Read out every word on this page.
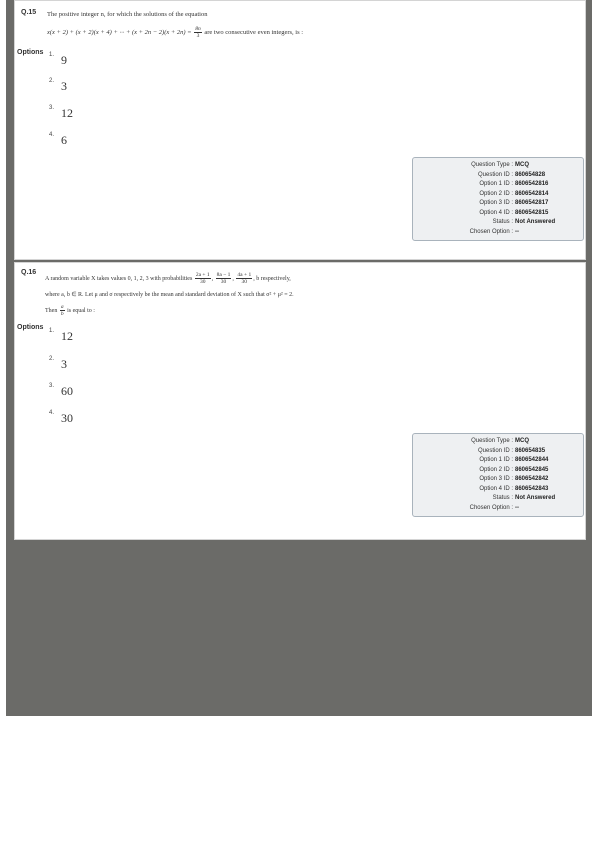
Q.15 The positive integer n, for which the solutions of the equation
x(x + 2) + (x + 2)(x + 4) + ··· + $(x + 2n - 2)(x + 2n) = \frac{8n}{3}$ are two consecutive even integers, is :
Options 1. 9
2. 3
3. 12
4. 6
Question Type : MCQ
Question ID : 860654828
Option 1 ID : 8606542816
Option 2 ID : 8606542814
Option 3 ID : 8606542817
Option 4 ID : 8606542815
Status : Not Answered
Chosen Option : --
Q.16
A random variable X takes values 0, 1, 2, 3 with probabilities $\frac{2a + 1}{30}$ , $\frac{8a - 1}{30}$ , $\frac{4a + 1}{30}$ , b respectively,
where a, b ∈ R. Let μ and σ respectively be the mean and standard deviation of X such that σ² + μ² = 2.
Then $\frac{a}{b}$ is equal to :
Options 1. 12
2. 3
3. 60
4. 30
Question Type : MCQ
Question ID : 860654835
Option 1 ID : 8606542844
Option 2 ID : 8606542845
Option 3 ID : 8606542842
Option 4 ID : 8606542843
Status : Not Answered
Chosen Option : --
